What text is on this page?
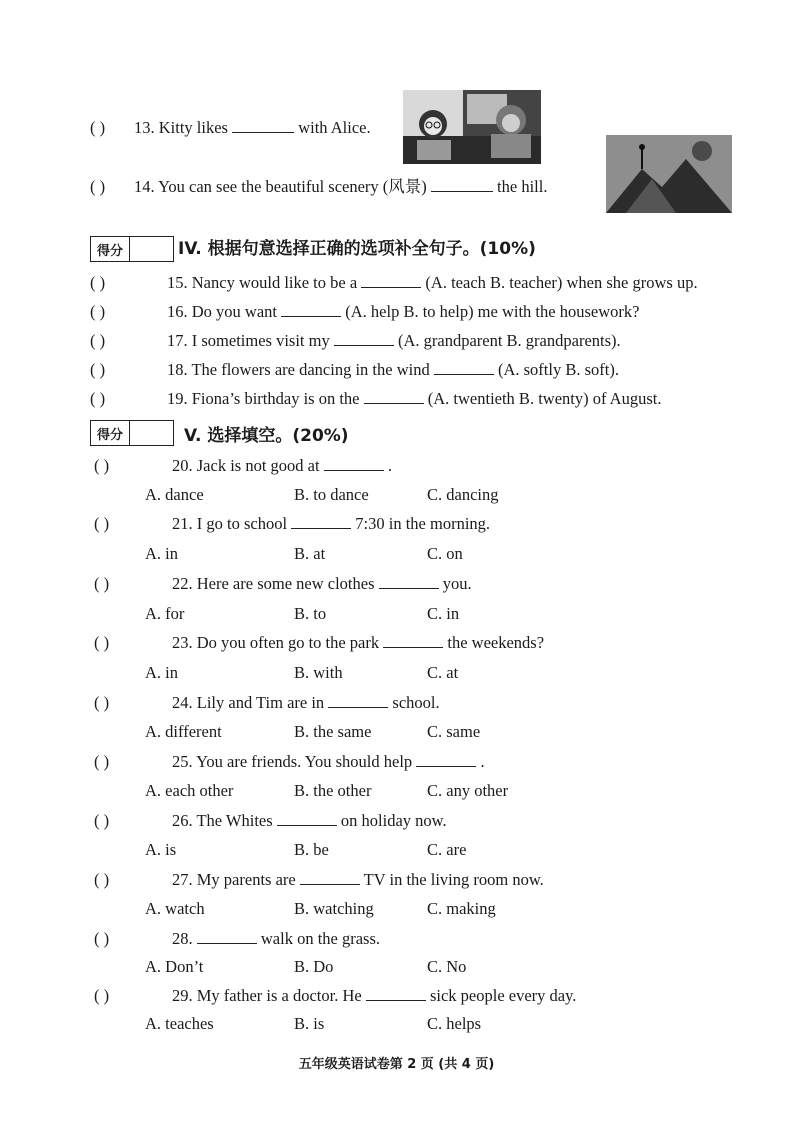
( ) 13. Kitty likes	with Alice.
( ) 14. You can see the beautiful scenery (风景)	the hill.
得分	IV. 根据句意选择正确的选项补全句子。(10%)
( )	15. Nancy would like to be a	(A. teach B. teacher) when she grows up.
( )	16. Do you want	(A. help B. to help) me with the housework?
( )	17. I sometimes visit my	(A. grandparent B. grandparents).
( )	18. The flowers are dancing in the wind	(A. softly B. soft).
( )	19. Fiona’s birthday is on the	(A. twentieth B. twenty) of August.
得分	V. 选择填空。(20%)
( )	20. Jack is not good at	.
A. dance	B. to dance	C. dancing
( )	21. I go to school	7:30 in the morning.
A. in	B. at	C. on
( )	22. Here are some new clothes	you.
A. for	B. to	C. in
( )	23. Do you often go to the park	the weekends?
A. in	B. with	C. at
( )	24. Lily and Tim are in	school.
A. different	B. the same	C. same
( )	25. You are friends. You should help	.
A. each other	B. the other	C. any other
( )	26. The Whites	on holiday now.
A. is	B. be	C. are
( )	27. My parents are	TV in the living room now.
A. watch	B. watching	C. making
( )	28.	walk on the grass.
A. Don’t	B. Do	C. No
( )	29. My father is a doctor. He	sick people every day.
A. teaches	B. is	C. helps
五年级英语试卷第 2 页 (共 4 页)
